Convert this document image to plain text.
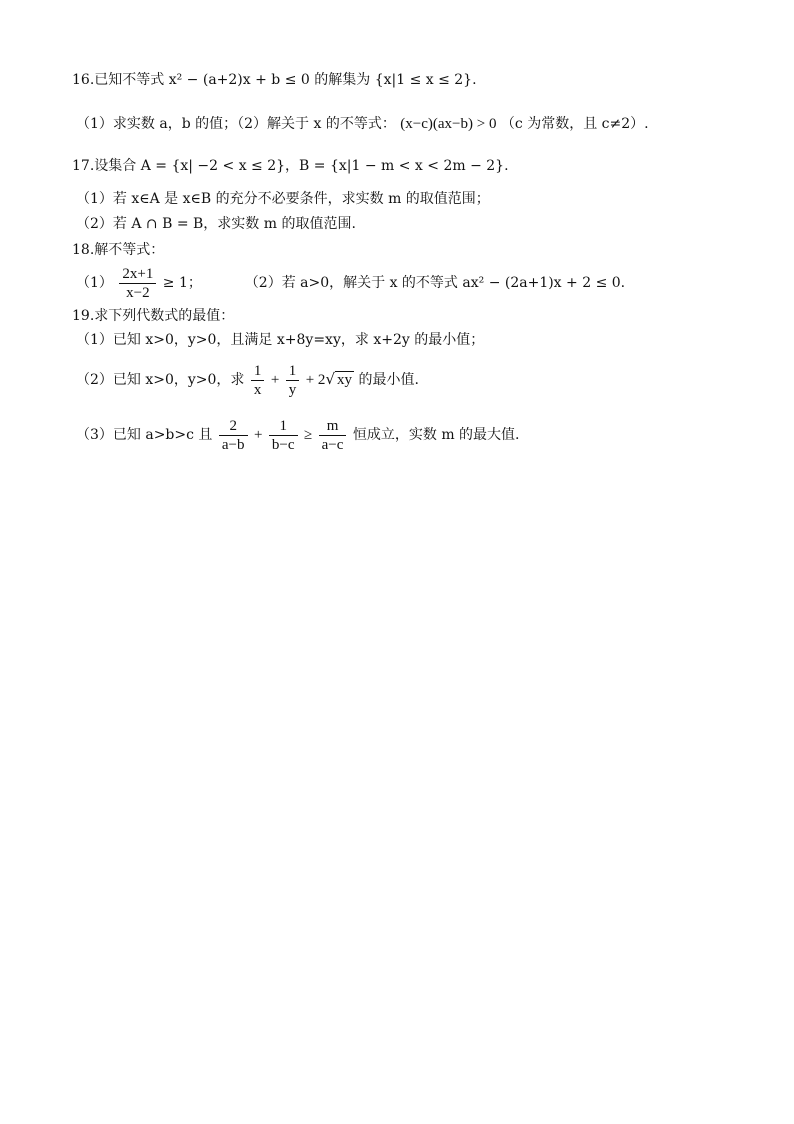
16.已知不等式 x² − (a+2)x + b ≤ 0 的解集为 {x|1 ≤ x ≤ 2}.
（1）求实数 a，b 的值；（2）解关于 x 的不等式： (x−c)(ax−b) > 0 （c 为常数，且 c≠2）.
17.设集合 A = {x| −2 < x ≤ 2}，B = {x|1 − m < x < 2m − 2}.
（1）若 x∈A 是 x∈B 的充分不必要条件，求实数 m 的取值范围；
（2）若 A ∩ B = B，求实数 m 的取值范围.
18.解不等式：
$(1) \frac{2x+1}{x-2} \ge 1$；	（2）若 a>0，解关于 x 的不等式 ax² − (2a+1)x + 2 ≤ 0.
19.求下列代数式的最值：
（1）已知 x>0，y>0，且满足 x+8y=xy，求 x+2y 的最小值；
（2）已知 x>0，y>0，求 $\frac{1}{x} + \frac{1}{y} + 2√$ xy 的最小值.
（3）已知 a>b>c 且 $\frac{2}{a-b} + \frac{1}{b-c} \ge \frac{m}{a-c}$ 恒成立，实数 m 的最大值.
